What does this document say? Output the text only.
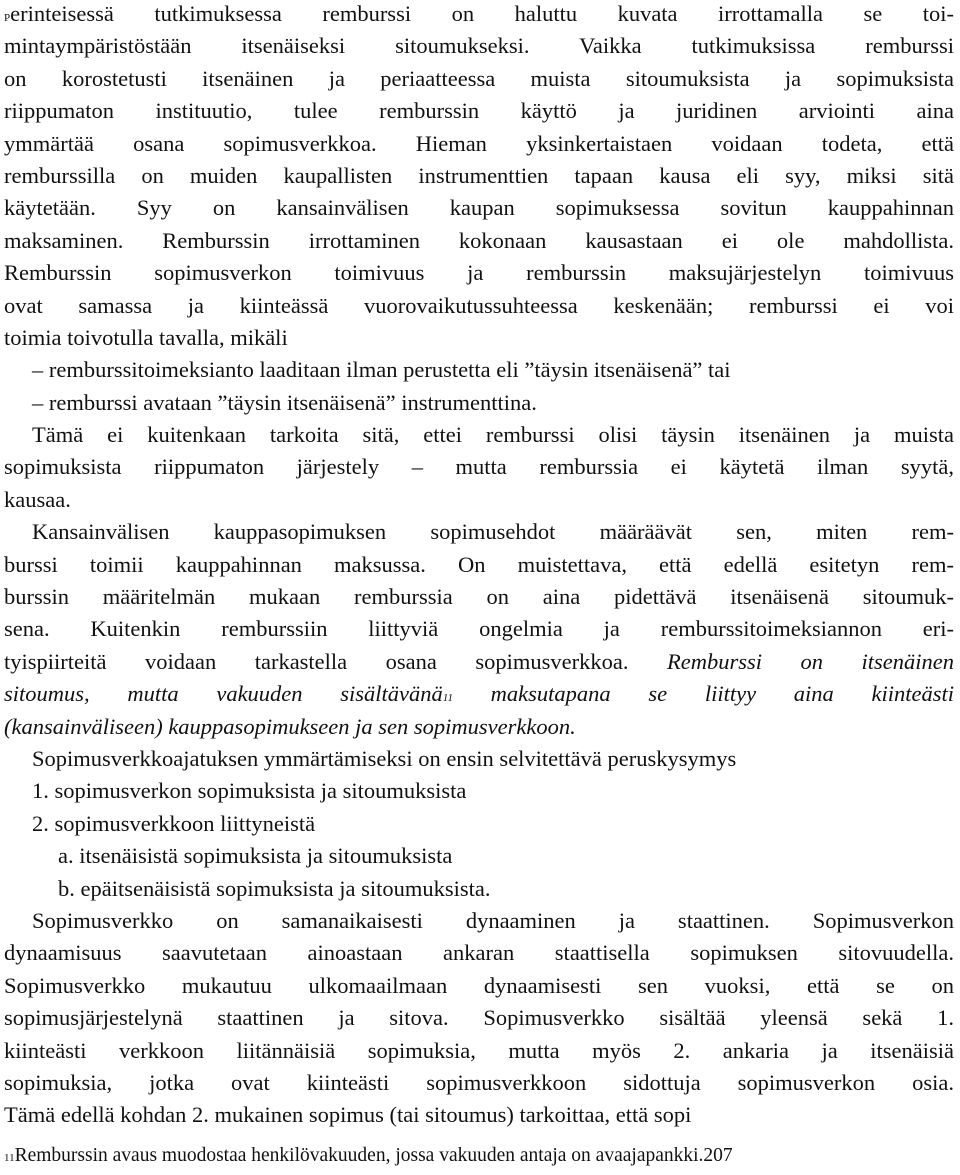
Perinteisessä tutkimuksessa remburssi on haluttu kuvata irrottamalla se toi-
mintaympäristöstään itsenäiseksi sitoumukseksi. Vaikka tutkimuksissa remburssi
on korostetusti itsenäinen ja periaatteessa muista sitoumuksista ja sopimuksista
riippumaton instituutio, tulee remburssin käyttö ja juridinen arviointi aina
ymmärtää osana sopimusverkkoa. Hieman yksinkertaistaen voidaan todeta, että
remburssilla on muiden kaupallisten instrumenttien tapaan kausa eli syy, miksi sitä
käytetään. Syy on kansainvälisen kaupan sopimuksessa sovitun kauppahinnan
maksaminen. Remburssin irrottaminen kokonaan kausastaan ei ole mahdollista.
Remburssin sopimusverkon toimivuus ja remburssin maksujärjestelyn toimivuus
ovat samassa ja kiinteässä vuorovaikutussuhteessa keskenään; remburssi ei voi
toimia toivotulla tavalla, mikäli
– remburssitoimeksianto laaditaan ilman perustetta eli ”täysin itsenäisenä” tai
– remburssi avataan ”täysin itsenäisenä” instrumenttina.
Tämä ei kuitenkaan tarkoita sitä, ettei remburssi olisi täysin itsenäinen ja muista
sopimuksista riippumaton järjestely – mutta remburssia ei käytetä ilman syytä,
kausaa.
Kansainvälisen kauppasopimuksen sopimusehdot määräävät sen, miten rem-
burssi toimii kauppahinnan maksussa. On muistettava, että edellä esitetyn rem-
burssin määritelmän mukaan remburssia on aina pidettävä itsenäisenä sitoumuk-
sena. Kuitenkin remburssiin liittyviä ongelmia ja remburssitoimeksiannon eri-
tyispiirteitä voidaan tarkastella osana sopimusverkkoa. Remburssi on itsenäinen
sitoumus, mutta vakuuden sisältävänä11 maksutapana se liittyy aina kiinteästi
(kansainväliseen) kauppasopimukseen ja sen sopimusverkkoon.
Sopimusverkkoajatuksen ymmärtämiseksi on ensin selvitettävä peruskysymys
1. sopimusverkon sopimuksista ja sitoumuksista
2. sopimusverkkoon liittyneistä
a. itsenäisistä sopimuksista ja sitoumuksista
b. epäitsenäisistä sopimuksista ja sitoumuksista.
Sopimusverkko on samanaikaisesti dynaaminen ja staattinen. Sopimusverkon
dynaamisuus saavutetaan ainoastaan ankaran staattisella sopimuksen sitovuudella.
Sopimusverkko mukautuu ulkomaailmaan dynaamisesti sen vuoksi, että se on
sopimusjärjestelynä staattinen ja sitova. Sopimusverkko sisältää yleensä sekä 1.
kiinteästi verkkoon liitännäisiä sopimuksia, mutta myös 2. ankaria ja itsenäisiä
sopimuksia, jotka ovat kiinteästi sopimusverkkoon sidottuja sopimusverkon osia.
Tämä edellä kohdan 2. mukainen sopimus (tai sitoumus) tarkoittaa, että sopi
11Remburssin avaus muodostaa henkilövakuuden, jossa vakuuden antaja on avaajapankki.207
